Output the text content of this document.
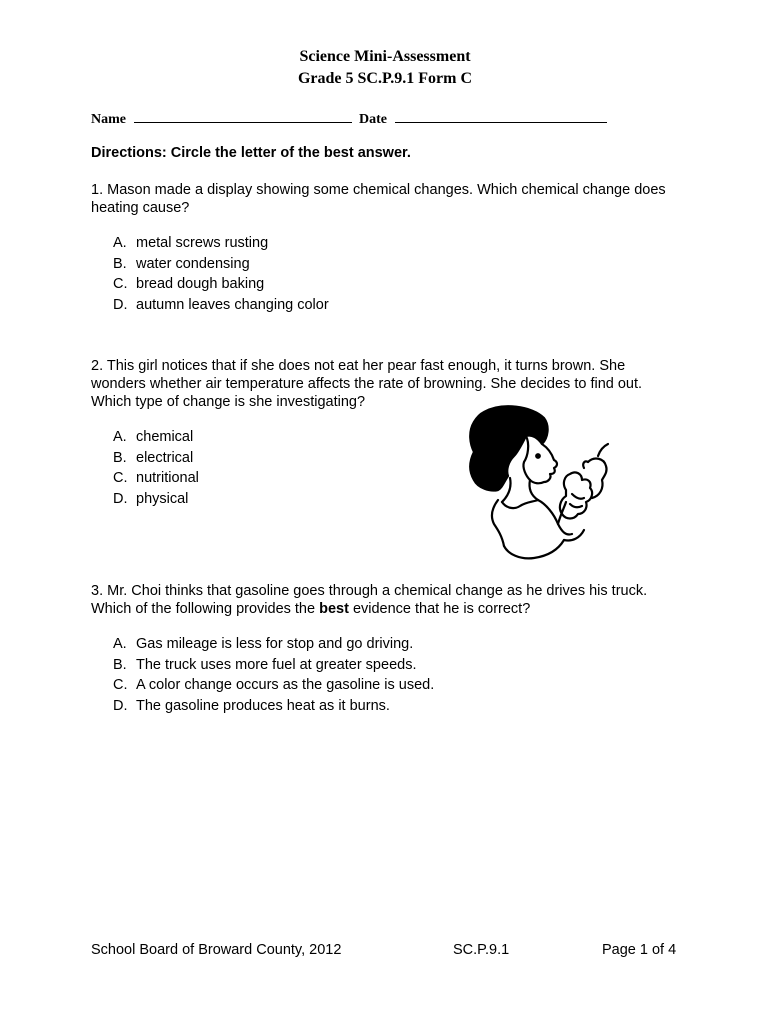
Science Mini-Assessment
Grade 5 SC.P.9.1 Form C
Name	Date
Directions: Circle the letter of the best answer.
1. Mason made a display showing some chemical changes. Which chemical change does heating cause?
A. metal screws rusting
B. water condensing
C. bread dough baking
D. autumn leaves changing color
2. This girl notices that if she does not eat her pear fast enough, it turns brown. She wonders whether air temperature affects the rate of browning. She decides to find out. Which type of change is she investigating?
A. chemical
B. electrical
C. nutritional
D. physical
3. Mr. Choi thinks that gasoline goes through a chemical change as he drives his truck. Which of the following provides the best evidence that he is correct?
A. Gas mileage is less for stop and go driving.
B. The truck uses more fuel at greater speeds.
C. A color change occurs as the gasoline is used.
D. The gasoline produces heat as it burns.
School Board of Broward County, 2012	SC.P.9.1	Page 1 of 4
